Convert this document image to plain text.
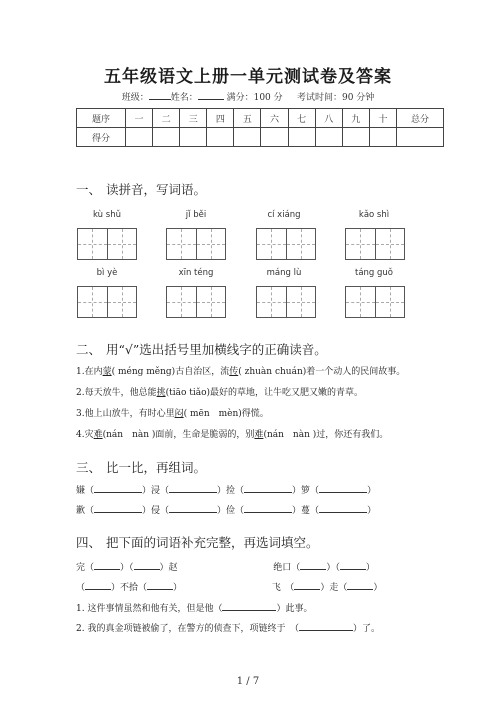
五年级语文上册一单元测试卷及答案
班级： 姓名：	满分：100 分 考试时间：90 分钟
题序	一	二	三	四	五	六	七	八	九	十	总分
得分											
一、 读拼音，写词语。
kù shǔ	jǐ běi	cí xiáng	kǎo shì
bì yè	xīn téng	máng lù	táng guǒ
二、 用“√”选出括号里加横线字的正确读音。
1.在内蒙( méng měng)古自治区，流传( zhuàn chuán)着一个动人的民间故事。
2.每天放牛，他总能挑(tiāo tiǎo)最好的草地，让牛吃又肥又嫩的青草。
3.他上山放牛，有时心里闷( mēn　mèn)得慌。
4.灾难(nán　nàn )面前，生命是脆弱的，别难(nán　nàn )过，你还有我们。
三、 比一比，再组词。
嫌（	）浸（	）捡（	）箩（	）
歉（	）侵（	）俭（	）蔓（	）
四、 把下面的词语补充完整，再选词填空。
完（	）（	）赵	绝口（	）（	）
（	）不拾（	）	飞　（	）走（	）
1. 这件事情虽然和他有关，但是他（	）此事。
2. 我的真金项链被偷了，在警方的侦查下，项链终于　（	）了。
1 / 7
